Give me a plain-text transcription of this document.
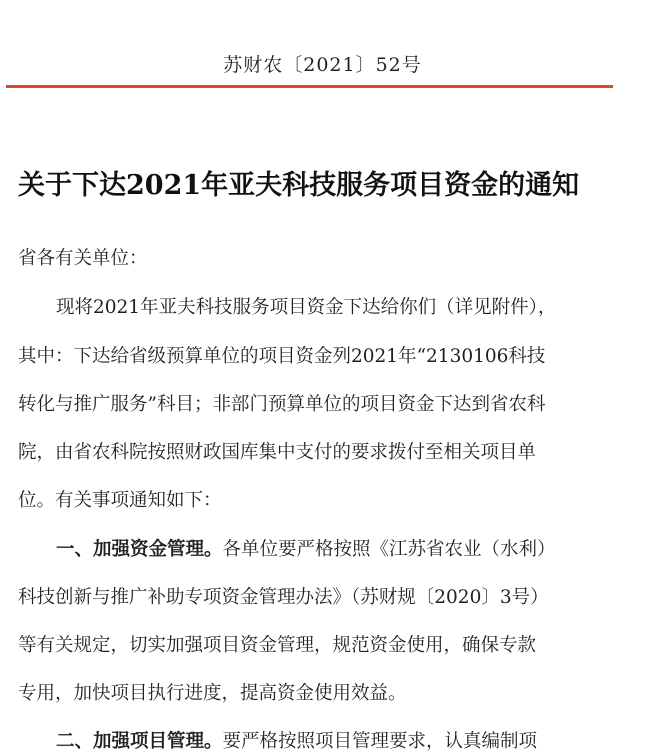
苏财农〔2021〕52号
关于下达2021年亚夫科技服务项目资金的通知
省各有关单位：
现将2021年亚夫科技服务项目资金下达给你们（详见附件），
其中：下达给省级预算单位的项目资金列2021年“2130106科技
转化与推广服务”科目；非部门预算单位的项目资金下达到省农科
院，由省农科院按照财政国库集中支付的要求拨付至相关项目单
位。有关事项通知如下：
一、加强资金管理。各单位要严格按照《江苏省农业（水利）
科技创新与推广补助专项资金管理办法》（苏财规〔2020〕3号）
等有关规定，切实加强项目资金管理，规范资金使用，确保专款
专用，加快项目执行进度，提高资金使用效益。
二、加强项目管理。要严格按照项目管理要求，认真编制项
